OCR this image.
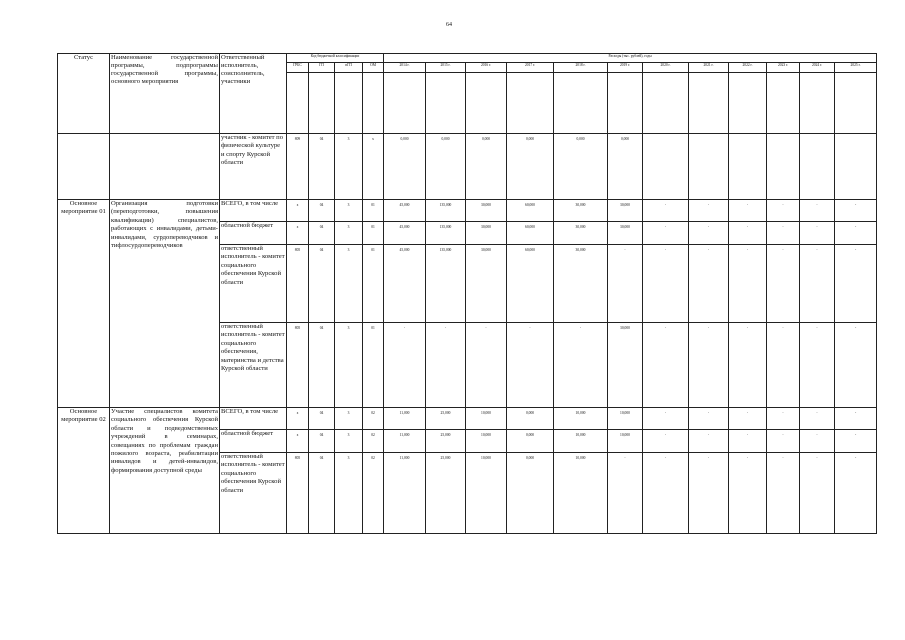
64
Статус	Наименование государственной программы, подпрограммы государственной программы, основного мероприятия	Ответственный исполнитель, соисполнитель, участники	Код бюджетной классификации				Расходы (тыс. рублей), годы											
			ГРБС	ГП	пГП	ОМ	2014 г.	2015 г.	2016 г.	2017 г.	2018 г.	2019 г.	2020 г.	2021 г.	2022 г.	2023 г.	2024 г.	2025 г.

		участник - комитет по физической культуре и спорту Курской области	809	04	3	х	0,000	0,000	0,000	0,000	0,000	0,000						
Основное мероприятие 01	Организация подготовки (переподготовки, повышения квалификации) специалистов, работающих с инвалидами, детьми-инвалидами, сурдопереводчиков и тифлосурдопереводчиков	ВСЕГО, в том числе	х	04	3	01	45,000	135,000	30,000	60,000	30,000	30,000	-	-	-	-	-	-
		областной бюджет	х	04	3	01	45,000	135,000	30,000	60,000	30,000	30,000	-	-	-	-	-	-
		ответственный исполнитель - комитет социального обеспечения Курской области	805	04	3	01	45,000	135,000	30,000	60,000	30,000	-	-	-	-	-	-	-
		ответственный исполнитель - комитет социального обеспечения, материнства и детства Курской области	805	04	3	01	-	-	-	-	-	30,000	-	-	-	-	-	-
Основное мероприятие 02	Участие специалистов комитета социального обеспечения Курской области и подведомственных учреждений в семинарах, совещаниях по проблемам граждан пожилого возраста, реабилитации инвалидов и детей-инвалидов, формирования доступной среды	ВСЕГО, в том числе	х	04	3	02	11,000	25,000	10,000	0,000	10,000	10,000	-	-	-	-	-	-
		областной бюджет	х	04	3	02	11,000	25,000	10,000	0,000	10,000	10,000	-	-	-	-	-	-
		ответственный исполнитель - комитет социального обеспечения Курской области	805	04	3	02	11,000	25,000	10,000	0,000	10,000	-	-	-	-	-	-	-
